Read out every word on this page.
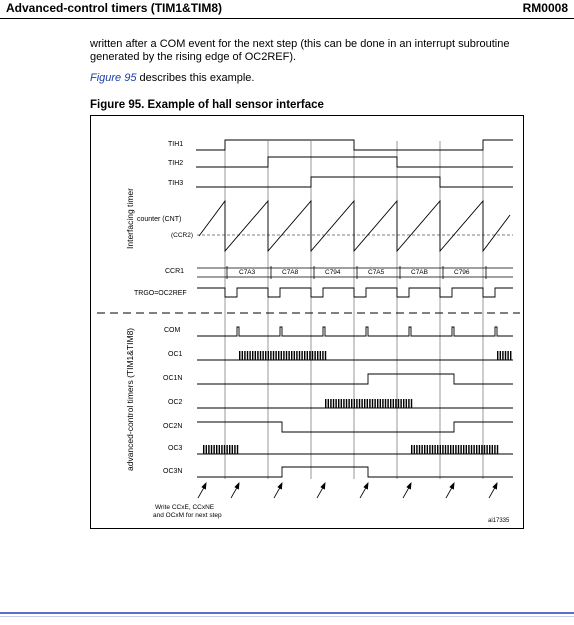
Advanced-control timers (TIM1&TIM8)	RM0008
written after a COM event for the next step (this can be done in an interrupt subroutine generated by the rising edge of OC2REF).
Figure 95 describes this example.
Figure 95. Example of hall sensor interface
Interfacing timer
advanced-control timers (TIM1&TIM8)
TIH1
TIH2
TIH3
counter (CNT)
(CCR2)
CCR1
TRGO=OC2REF
COM
OC1
OC1N
OC2
OC2N
OC3
OC3N
C7A3	C7A8	C794	C7A5	C7AB	C796
Write CCxE, CCxNE
and OCxM for next step
ai17335
